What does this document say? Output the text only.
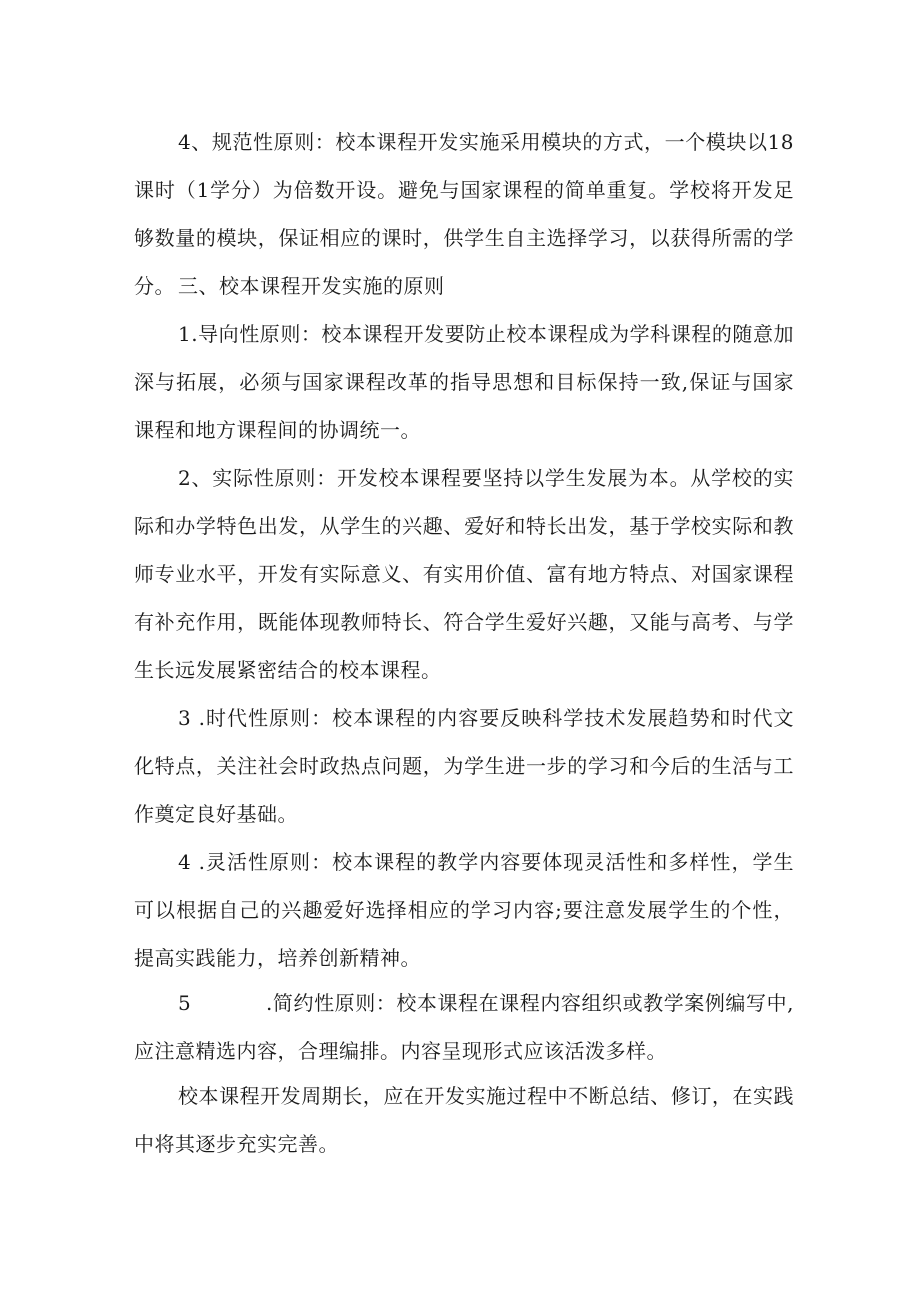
4、规范性原则：校本课程开发实施采用模块的方式，一个模块以18课时（1学分）为倍数开设。避免与国家课程的简单重复。学校将开发足够数量的模块，保证相应的课时，供学生自主选择学习，以获得所需的学分。 三、校本课程开发实施的原则

1.导向性原则：校本课程开发要防止校本课程成为学科课程的随意加深与拓展，必须与国家课程改革的指导思想和目标保持一致,保证与国家课程和地方课程间的协调统一。

2、实际性原则：开发校本课程要坚持以学生发展为本。从学校的实际和办学特色出发，从学生的兴趣、爱好和特长出发，基于学校实际和教师专业水平，开发有实际意义、有实用价值、富有地方特点、对国家课程有补充作用，既能体现教师特长、符合学生爱好兴趣，又能与高考、与学生长远发展紧密结合的校本课程。

3 .时代性原则：校本课程的内容要反映科学技术发展趋势和时代文化特点，关注社会时政热点问题，为学生进一步的学习和今后的生活与工作奠定良好基础。

4 .灵活性原则：校本课程的教学内容要体现灵活性和多样性，学生可以根据自己的兴趣爱好选择相应的学习内容;要注意发展学生的个性，提高实践能力，培养创新精神。

5	.简约性原则：校本课程在课程内容组织或教学案例编写中,应注意精选内容，合理编排。内容呈现形式应该活泼多样。

校本课程开发周期长，应在开发实施过程中不断总结、修订，在实践中将其逐步充实完善。
